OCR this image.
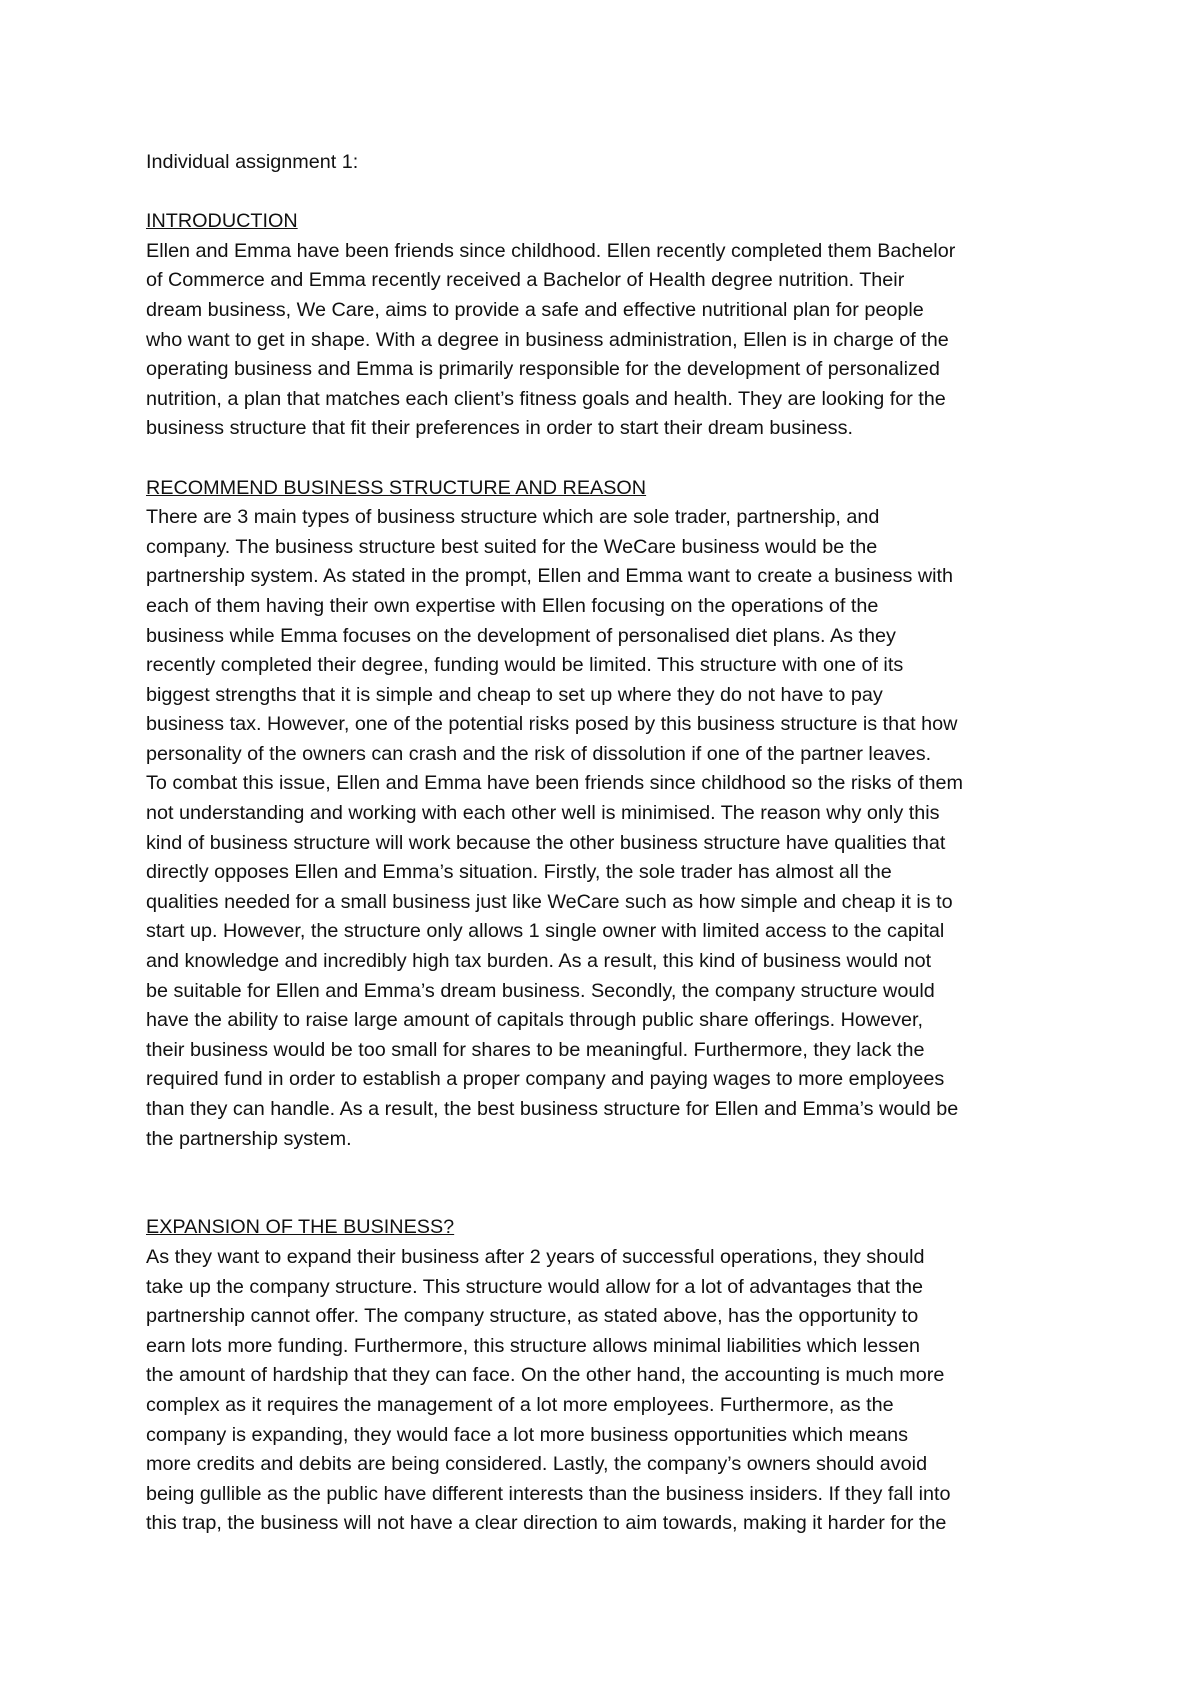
Individual assignment 1:
INTRODUCTION
Ellen and Emma have been friends since childhood. Ellen recently completed them Bachelor
of Commerce and Emma recently received a Bachelor of Health degree nutrition. Their
dream business, We Care, aims to provide a safe and effective nutritional plan for people
who want to get in shape. With a degree in business administration, Ellen is in charge of the
operating business and Emma is primarily responsible for the development of personalized
nutrition, a plan that matches each client’s fitness goals and health. They are looking for the
business structure that fit their preferences in order to start their dream business.
RECOMMEND BUSINESS STRUCTURE AND REASON
There are 3 main types of business structure which are sole trader, partnership, and
company. The business structure best suited for the WeCare business would be the
partnership system. As stated in the prompt, Ellen and Emma want to create a business with
each of them having their own expertise with Ellen focusing on the operations of the
business while Emma focuses on the development of personalised diet plans. As they
recently completed their degree, funding would be limited. This structure with one of its
biggest strengths that it is simple and cheap to set up where they do not have to pay
business tax. However, one of the potential risks posed by this business structure is that how
personality of the owners can crash and the risk of dissolution if one of the partner leaves.
To combat this issue, Ellen and Emma have been friends since childhood so the risks of them
not understanding and working with each other well is minimised. The reason why only this
kind of business structure will work because the other business structure have qualities that
directly opposes Ellen and Emma’s situation. Firstly, the sole trader has almost all the
qualities needed for a small business just like WeCare such as how simple and cheap it is to
start up. However, the structure only allows 1 single owner with limited access to the capital
and knowledge and incredibly high tax burden. As a result, this kind of business would not
be suitable for Ellen and Emma’s dream business. Secondly, the company structure would
have the ability to raise large amount of capitals through public share offerings. However,
their business would be too small for shares to be meaningful. Furthermore, they lack the
required fund in order to establish a proper company and paying wages to more employees
than they can handle. As a result, the best business structure for Ellen and Emma’s would be
the partnership system.
EXPANSION OF THE BUSINESS?
As they want to expand their business after 2 years of successful operations, they should
take up the company structure. This structure would allow for a lot of advantages that the
partnership cannot offer. The company structure, as stated above, has the opportunity to
earn lots more funding. Furthermore, this structure allows minimal liabilities which lessen
the amount of hardship that they can face. On the other hand, the accounting is much more
complex as it requires the management of a lot more employees. Furthermore, as the
company is expanding, they would face a lot more business opportunities which means
more credits and debits are being considered. Lastly, the company’s owners should avoid
being gullible as the public have different interests than the business insiders. If they fall into
this trap, the business will not have a clear direction to aim towards, making it harder for the
